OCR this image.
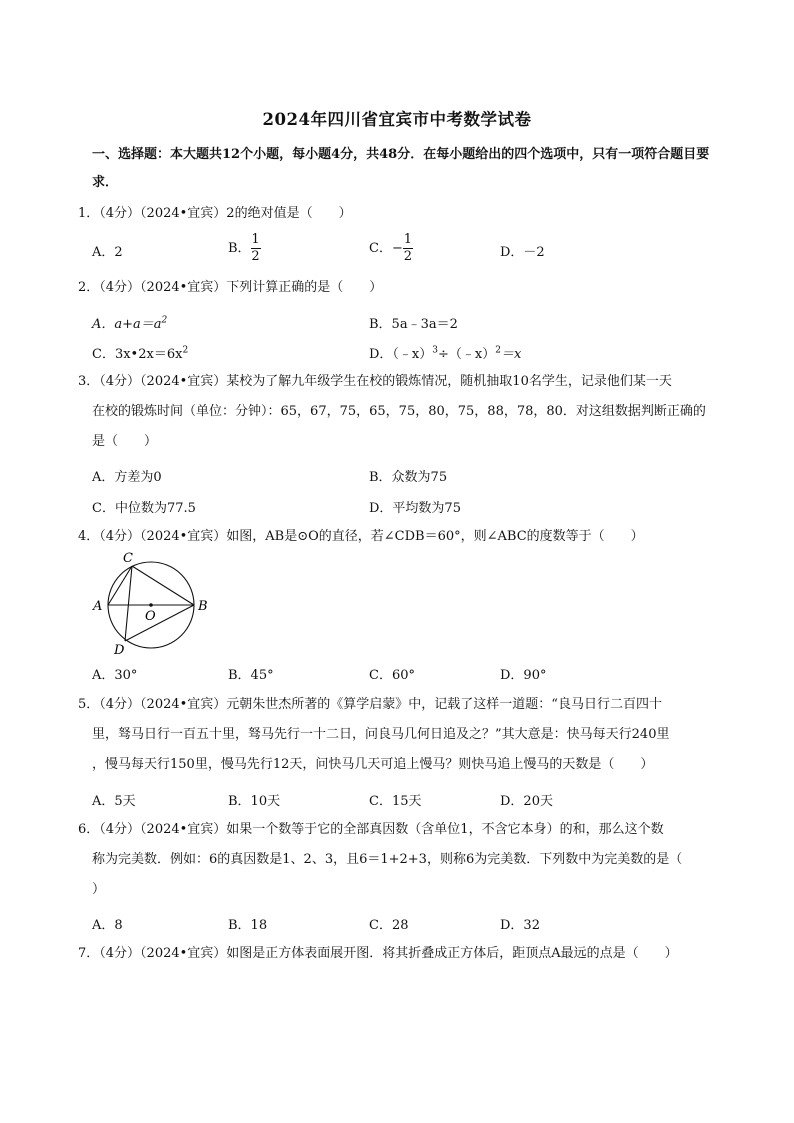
2024年四川省宜宾市中考数学试卷
一、选择题：本大题共12个小题，每小题4分，共48分．在每小题给出的四个选项中，只有一项符合题目要求．
1．（4分）（2024•宜宾）2的绝对值是（　　）
A．2	B． $\frac{1}{2}$	C．− $\frac{1}{2}$	D．－2
2．（4分）（2024•宜宾）下列计算正确的是（　　）
A．$a+a=a^2$	B．5a﹣3a＝2
C．$3x•2x=6x^2$	D．（﹣x）$^3$÷（﹣x）$^2$＝x
3．（4分）（2024•宜宾）某校为了解九年级学生在校的锻炼情况，随机抽取10名学生，记录他们某一天
在校的锻炼时间（单位：分钟）：65，67，75，65，75，80，75，88，78，80．对这组数据判断正确的
是（　　）
A．方差为0	B．众数为75
C．中位数为77.5	D．平均数为75
4．（4分）（2024•宜宾）如图，AB是⊙O的直径，若∠CDB＝60°，则∠ABC的度数等于（　　）
A	B
C
D
O
A．30°	B．45°	C．60°	D．90°
5．（4分）（2024•宜宾）元朝朱世杰所著的《算学启蒙》中，记载了这样一道题：“良马日行二百四十
里，驽马日行一百五十里，驽马先行一十二日，问良马几何日追及之？”其大意是：快马每天行240里
，慢马每天行150里，慢马先行12天，问快马几天可追上慢马？则快马追上慢马的天数是（　　）
A．5天	B．10天	C．15天	D．20天
6．（4分）（2024•宜宾）如果一个数等于它的全部真因数（含单位1，不含它本身）的和，那么这个数
称为完美数．例如：6的真因数是1、2、3，且6＝1+2+3，则称6为完美数．下列数中为完美数的是（
）
A．8	B．18	C．28	D．32
7．（4分）（2024•宜宾）如图是正方体表面展开图．将其折叠成正方体后，距顶点A最远的点是（　　）
